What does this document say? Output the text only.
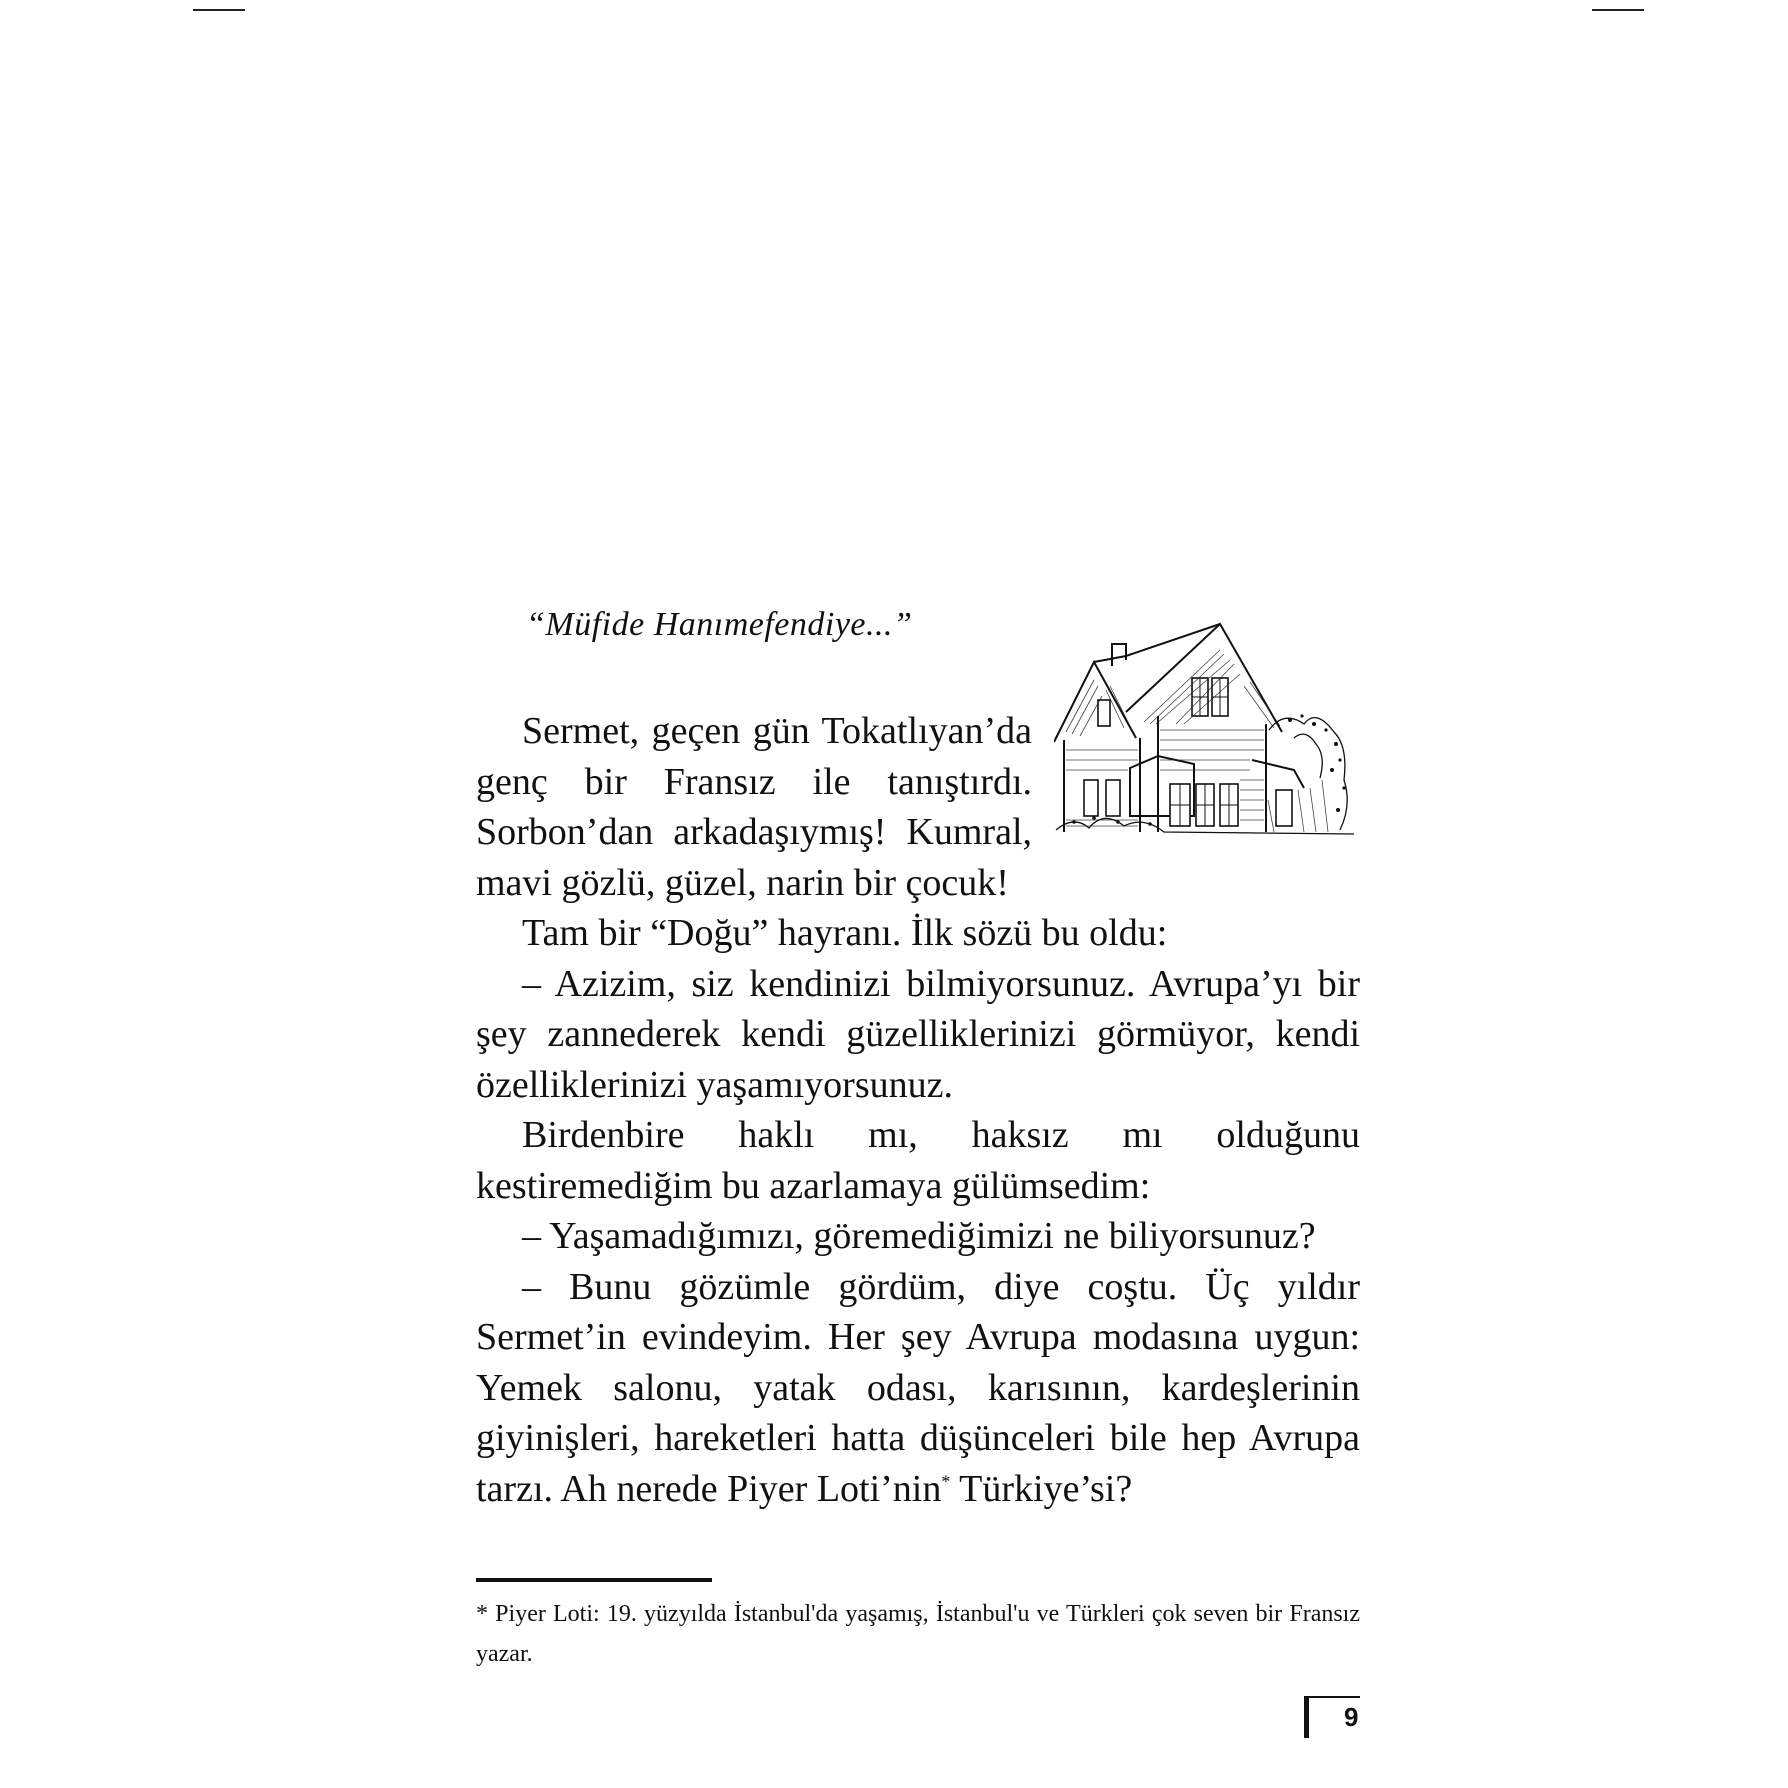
“Müfide Hanımefendiye...”

Sermet, geçen gün Tokatlıyan’da genç bir Fransız ile tanıştırdı. Sorbon’dan arkadaşıymış! Kumral, mavi gözlü, güzel, narin bir çocuk!

Tam bir “Doğu” hayranı. İlk sözü bu oldu:

– Azizim, siz kendinizi bilmiyorsunuz. Avrupa’yı bir şey zannederek kendi güzelliklerinizi görmüyor, kendi özelliklerinizi yaşamıyorsunuz.

Birdenbire haklı mı, haksız mı olduğunu kestiremediğim bu azarlamaya gülümsedim:

– Yaşamadığımızı, göremediğimizi ne biliyorsunuz?

– Bunu gözümle gördüm, diye coştu. Üç yıldır Sermet’in evindeyim. Her şey Avrupa modasına uygun: Yemek salonu, yatak odası, karısının, kardeşlerinin giyinişleri, hareketleri hatta düşünceleri bile hep Avrupa tarzı. Ah nerede Piyer Loti’nin* Türkiye’si?

* Piyer Loti: 19. yüzyılda İstanbul'da yaşamış, İstanbul'u ve Türkleri çok seven bir Fransız yazar.
9
